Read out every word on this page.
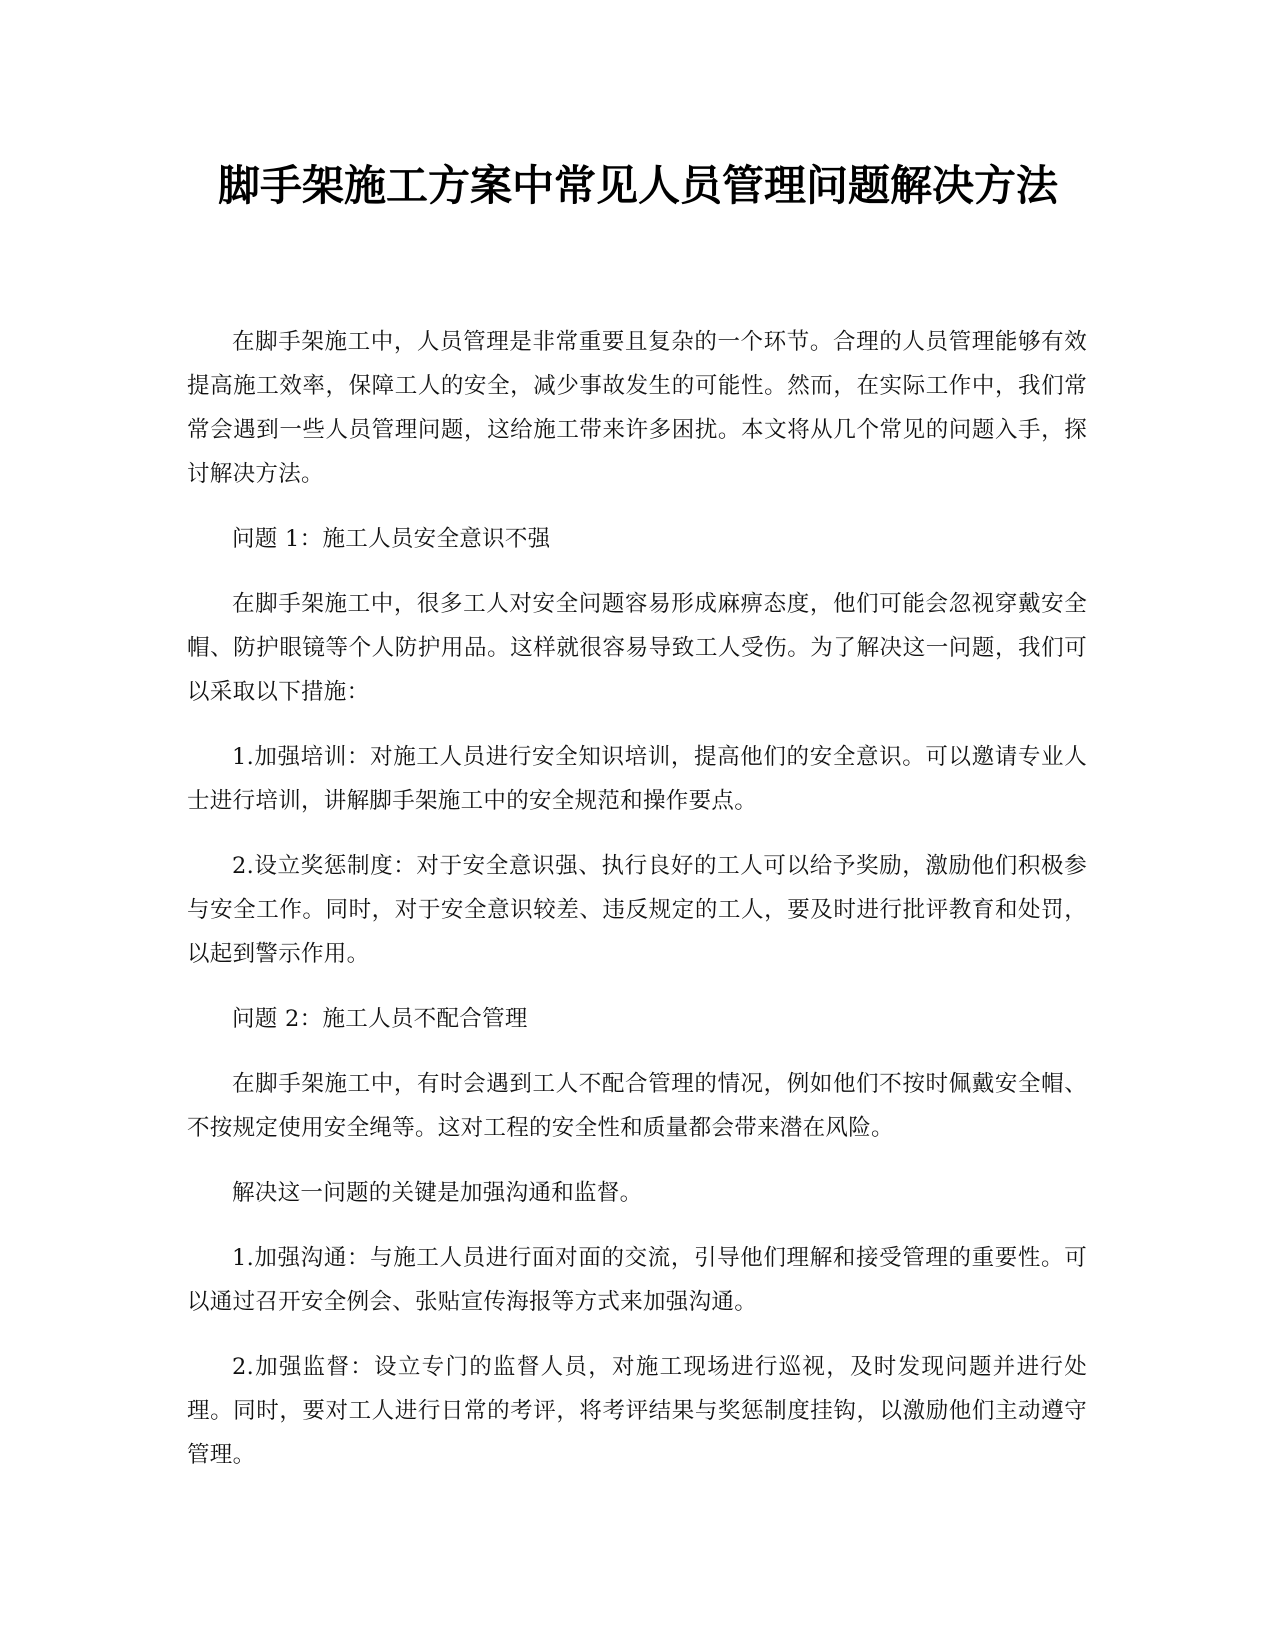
脚手架施工方案中常见人员管理问题解决方法

在脚手架施工中，人员管理是非常重要且复杂的一个环节。合理的人员管理能够有效提高施工效率，保障工人的安全，减少事故发生的可能性。然而，在实际工作中，我们常常会遇到一些人员管理问题，这给施工带来许多困扰。本文将从几个常见的问题入手，探讨解决方法。

问题 1：施工人员安全意识不强

在脚手架施工中，很多工人对安全问题容易形成麻痹态度，他们可能会忽视穿戴安全帽、防护眼镜等个人防护用品。这样就很容易导致工人受伤。为了解决这一问题，我们可以采取以下措施：

1.加强培训：对施工人员进行安全知识培训，提高他们的安全意识。可以邀请专业人士进行培训，讲解脚手架施工中的安全规范和操作要点。

2.设立奖惩制度：对于安全意识强、执行良好的工人可以给予奖励，激励他们积极参与安全工作。同时，对于安全意识较差、违反规定的工人，要及时进行批评教育和处罚，以起到警示作用。

问题 2：施工人员不配合管理

在脚手架施工中，有时会遇到工人不配合管理的情况，例如他们不按时佩戴安全帽、不按规定使用安全绳等。这对工程的安全性和质量都会带来潜在风险。

解决这一问题的关键是加强沟通和监督。

1.加强沟通：与施工人员进行面对面的交流，引导他们理解和接受管理的重要性。可以通过召开安全例会、张贴宣传海报等方式来加强沟通。

2.加强监督：设立专门的监督人员，对施工现场进行巡视，及时发现问题并进行处理。同时，要对工人进行日常的考评，将考评结果与奖惩制度挂钩，以激励他们主动遵守管理。
